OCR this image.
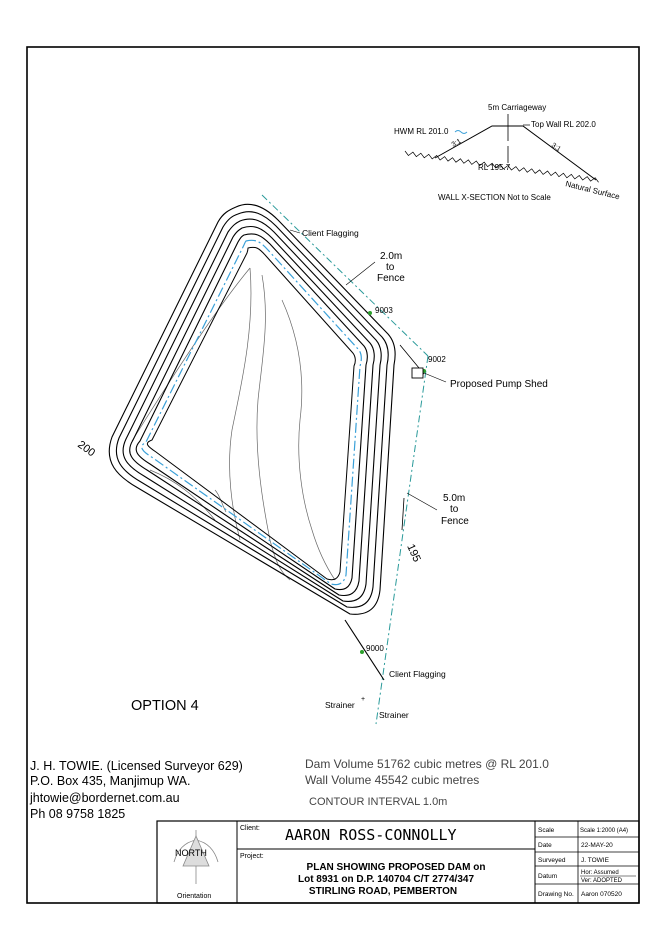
5m Carriageway
HWM RL 201.0
Top Wall RL 202.0
3:1	3:1
RL 195.7
Natural Surface
WALL X-SECTION Not to Scale
Client Flagging
2.0m
to
Fence
9003
9002
Proposed Pump Shed
200
195
5.0m
to
Fence
9000
Client Flagging
Strainer
+
Strainer
OPTION 4
J. H. TOWIE. (Licensed Surveyor 629)
P.O. Box 435, Manjimup WA.
jhtowie@bordernet.com.au
Ph 08 9758 1825
Dam Volume 51762 cubic metres @ RL 201.0
Wall Volume 45542 cubic metres
CONTOUR INTERVAL 1.0m
NORTH
Orientation
Client: AARON ROSS-CONNOLLY
Project:
PLAN SHOWING PROPOSED DAM on
Lot 8931 on D.P. 140704 C/T 2774/347
STIRLING ROAD, PEMBERTON
Scale	Scale 1:2000 (A4)
Date	22-MAY-20
Surveyed J. TOWIE
Datum	Hor: Assumed
Ver: ADOPTED
Drawing No. Aaron 070520
